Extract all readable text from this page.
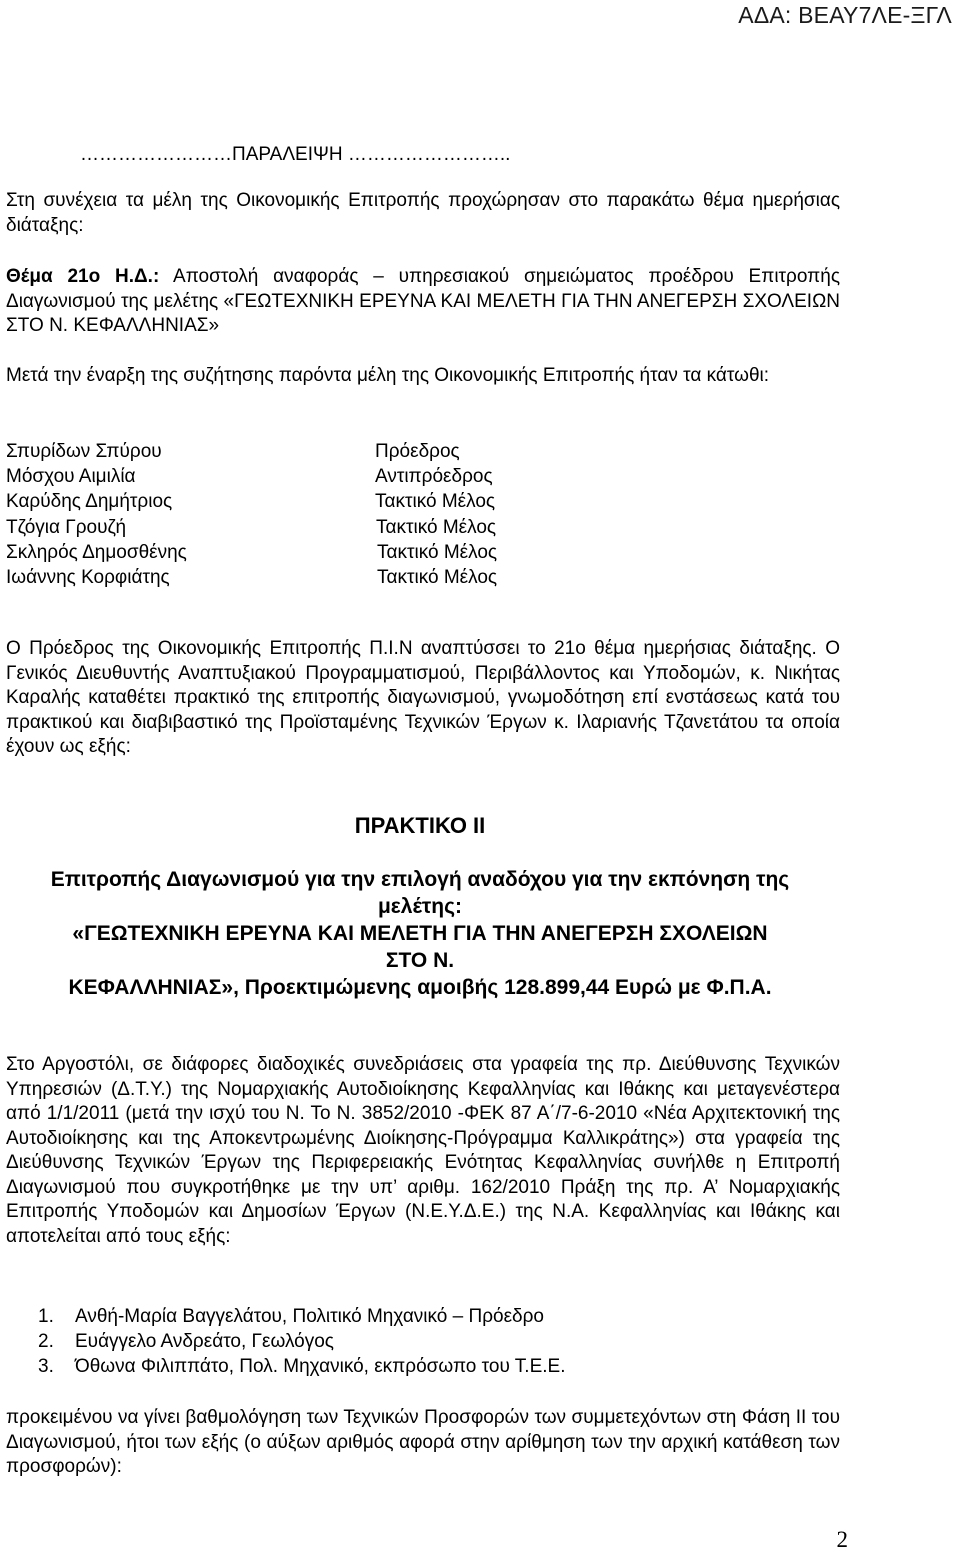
ΑΔΑ: ΒΕΑΥ7ΛΕ-ΞΓΛ
……………………ΠΑΡΑΛΕΙΨΗ ……………………..

Στη συνέχεια τα μέλη της Οικονομικής Επιτροπής προχώρησαν στο παρακάτω θέμα ημερήσιας διάταξης:

Θέμα 21ο Η.Δ.: Αποστολή αναφοράς – υπηρεσιακού σημειώματος προέδρου Επιτροπής Διαγωνισμού της μελέτης «ΓΕΩΤΕΧΝΙΚΗ ΕΡΕΥΝΑ ΚΑΙ ΜΕΛΕΤΗ ΓΙΑ ΤΗΝ ΑΝΕΓΕΡΣΗ ΣΧΟΛΕΙΩΝ ΣΤΟ Ν. ΚΕΦΑΛΛΗΝΙΑΣ»

Μετά την έναρξη της συζήτησης παρόντα μέλη της Οικονομικής Επιτροπής ήταν τα κάτωθι:

Σπυρίδων Σπύρου	Πρόεδρος
Μόσχου Αιμιλία	Αντιπρόεδρος
Καρύδης Δημήτριος	Τακτικό Μέλος
Τζόγια Γρουζή	Τακτικό Μέλος
Σκληρός Δημοσθένης	Τακτικό Μέλος
Ιωάννης Κορφιάτης	Τακτικό Μέλος

Ο Πρόεδρος της Οικονομικής Επιτροπής Π.Ι.Ν αναπτύσσει το 21ο θέμα ημερήσιας διάταξης. Ο Γενικός Διευθυντής Αναπτυξιακού Προγραμματισμού, Περιβάλλοντος και Υποδομών, κ. Νικήτας Καραλής καταθέτει πρακτικό της επιτροπής διαγωνισμού, γνωμοδότηση επί ενστάσεως κατά του πρακτικού και διαβιβαστικό της Προϊσταμένης Τεχνικών Έργων κ. Ιλαριανής Τζανετάτου τα οποία έχουν ως εξής:

ΠΡΑΚΤΙΚΟ ΙΙ
Επιτροπής Διαγωνισμού για την επιλογή αναδόχου για την εκπόνηση της
μελέτης:
«ΓΕΩΤΕΧΝΙΚΗ ΕΡΕΥΝΑ ΚΑΙ ΜΕΛΕΤΗ ΓΙΑ ΤΗΝ ΑΝΕΓΕΡΣΗ ΣΧΟΛΕΙΩΝ
ΣΤΟ Ν.
ΚΕΦΑΛΛΗΝΙΑΣ», Προεκτιμώμενης αμοιβής 128.899,44 Ευρώ με Φ.Π.Α.

Στο Αργοστόλι, σε διάφορες διαδοχικές συνεδριάσεις στα γραφεία της πρ. Διεύθυνσης Τεχνικών Υπηρεσιών (Δ.Τ.Υ.) της Νομαρχιακής Αυτοδιοίκησης Κεφαλληνίας και Ιθάκης και μεταγενέστερα από 1/1/2011 (μετά την ισχύ του Ν. Το Ν. 3852/2010 -ΦΕΚ 87 Α΄/7-6-2010 «Νέα Αρχιτεκτονική της Αυτοδιοίκησης και της Αποκεντρωμένης Διοίκησης-Πρόγραμμα Καλλικράτης») στα γραφεία της Διεύθυνσης Τεχνικών Έργων της Περιφερειακής Ενότητας Κεφαλληνίας συνήλθε η Επιτροπή Διαγωνισμού που συγκροτήθηκε με την υπ’ αριθμ. 162/2010 Πράξη της πρ. Α’ Νομαρχιακής Επιτροπής Υποδομών και Δημοσίων Έργων (Ν.Ε.Υ.Δ.Ε.) της Ν.Α. Κεφαλληνίας και Ιθάκης και αποτελείται από τους εξής:

1.	Ανθή-Μαρία Βαγγελάτου, Πολιτικό Μηχανικό – Πρόεδρο
2.	Ευάγγελο Ανδρεάτο, Γεωλόγος
3.	Όθωνα Φιλιππάτο, Πολ. Μηχανικό, εκπρόσωπο του Τ.Ε.Ε.

προκειμένου να γίνει βαθμολόγηση των Τεχνικών Προσφορών των συμμετεχόντων στη Φάση ΙΙ του Διαγωνισμού, ήτοι των εξής (ο αύξων αριθμός αφορά στην αρίθμηση των την αρχική κατάθεση των προσφορών):

2
